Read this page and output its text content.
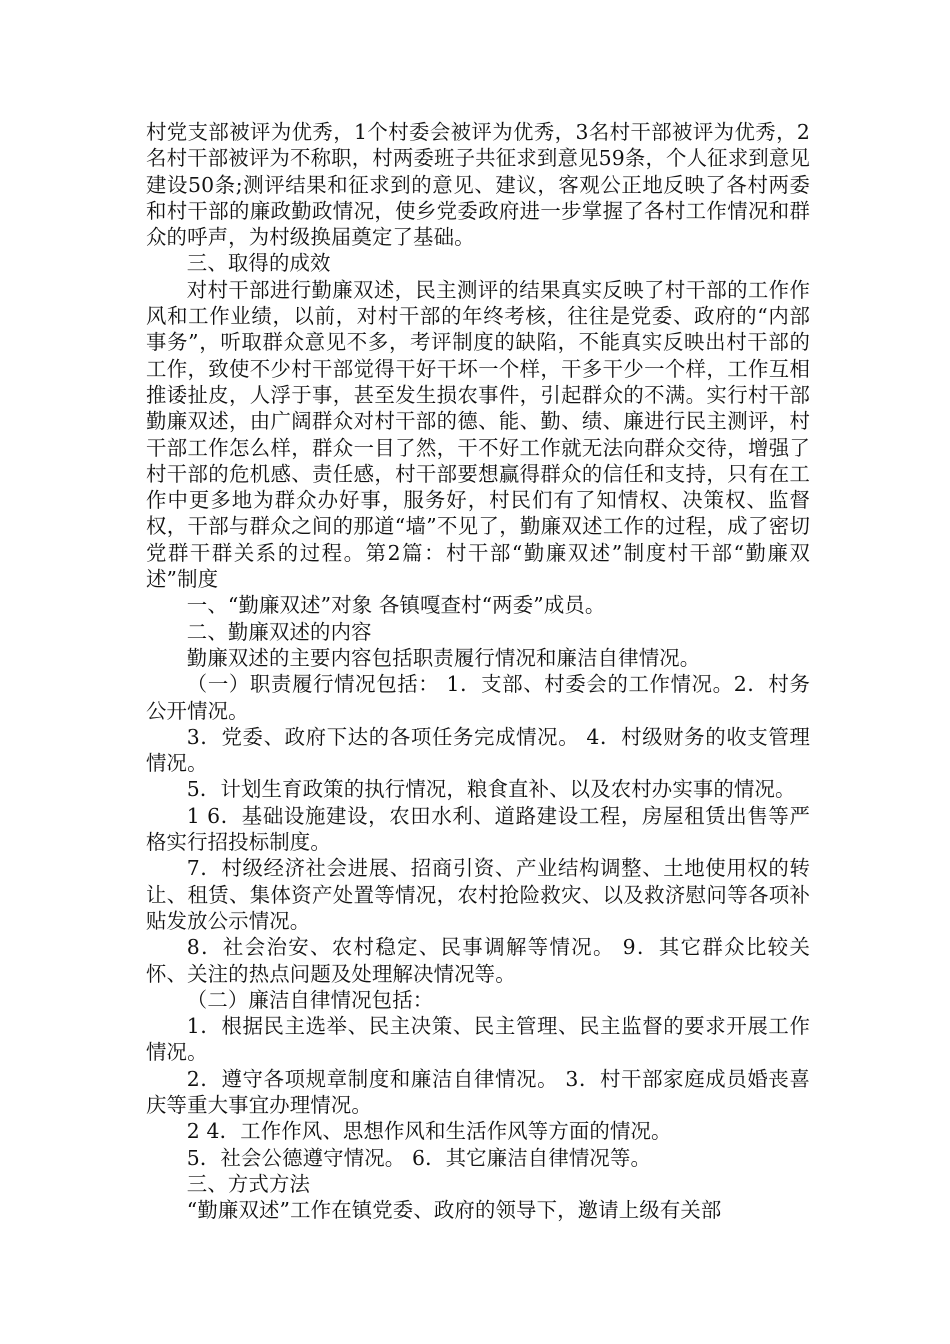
村党支部被评为优秀，1个村委会被评为优秀，3名村干部被评为优秀，2名村干部被评为不称职，村两委班子共征求到意见59条，个人征求到意见建设50条;测评结果和征求到的意见、建议，客观公正地反映了各村两委和村干部的廉政勤政情况，使乡党委政府进一步掌握了各村工作情况和群众的呼声，为村级换届奠定了基础。

三、取得的成效

对村干部进行勤廉双述，民主测评的结果真实反映了村干部的工作作风和工作业绩，以前，对村干部的年终考核，往往是党委、政府的“内部事务”，听取群众意见不多，考评制度的缺陷，不能真实反映出村干部的工作，致使不少村干部觉得干好干坏一个样，干多干少一个样，工作互相推诿扯皮，人浮于事，甚至发生损农事件，引起群众的不满。实行村干部勤廉双述，由广阔群众对村干部的德、能、勤、绩、廉进行民主测评，村干部工作怎么样，群众一目了然，干不好工作就无法向群众交待，增强了村干部的危机感、责任感，村干部要想赢得群众的信任和支持，只有在工作中更多地为群众办好事，服务好，村民们有了知情权、决策权、监督权，干部与群众之间的那道“墙”不见了，勤廉双述工作的过程，成了密切党群干群关系的过程。第2篇：村干部“勤廉双述”制度村干部“勤廉双述”制度

一、“勤廉双述”对象 各镇嘎查村“两委”成员。

二、勤廉双述的内容

勤廉双述的主要内容包括职责履行情况和廉洁自律情况。

（一）职责履行情况包括： 1．支部、村委会的工作情况。2．村务公开情况。

3．党委、政府下达的各项任务完成情况。 4．村级财务的收支管理情况。

5．计划生育政策的执行情况，粮食直补、以及农村办实事的情况。

1 6．基础设施建设，农田水利、道路建设工程，房屋租赁出售等严格实行招投标制度。

7．村级经济社会进展、招商引资、产业结构调整、土地使用权的转让、租赁、集体资产处置等情况，农村抢险救灾、以及救济慰问等各项补贴发放公示情况。

8．社会治安、农村稳定、民事调解等情况。 9．其它群众比较关怀、关注的热点问题及处理解决情况等。

（二）廉洁自律情况包括：

1．根据民主选举、民主决策、民主管理、民主监督的要求开展工作情况。

2．遵守各项规章制度和廉洁自律情况。 3．村干部家庭成员婚丧喜庆等重大事宜办理情况。

2 4．工作作风、思想作风和生活作风等方面的情况。

5．社会公德遵守情况。 6．其它廉洁自律情况等。

三、方式方法

“勤廉双述”工作在镇党委、政府的领导下，邀请上级有关部
